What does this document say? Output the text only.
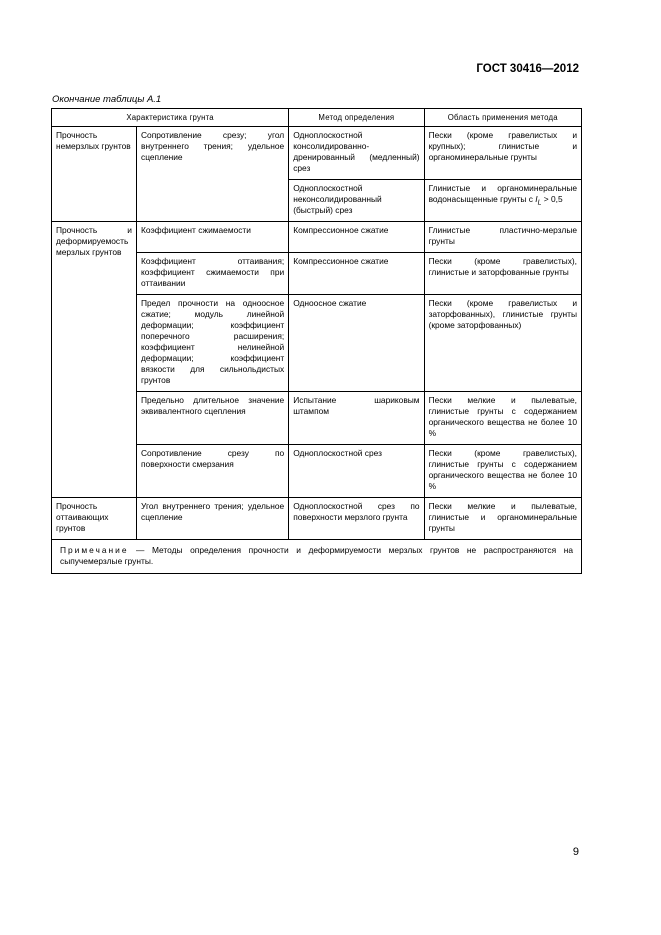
ГОСТ 30416—2012
Окончание таблицы А.1
Характеристика грунта		Метод определения	Область применения метода
Прочность немерзлых грунтов	Сопротивление срезу; угол внутреннего трения; удельное сцепление	Одноплоскостной консолидированно-дренированный (медленный) срез	Пески (кроме гравелистых и крупных); глинистые и органоминеральные грунты
		Одноплоскостной неконсолидированный (быстрый) срез	Глинистые и органоминеральные водонасыщенные грунты с $I_L > 0,5$
Прочность и деформируемость мерзлых грунтов	Коэффициент сжимаемости	Компрессионное сжатие	Глинистые пластично-мерзлые грунты
	Коэффициент оттаивания; коэффициент сжимаемости при оттаивании	Компрессионное сжатие	Пески (кроме гравелистых), глинистые и заторфованные грунты
	Предел прочности на одноосное сжатие; модуль линейной деформации; коэффициент поперечного расширения; коэффициент нелинейной деформации; коэффициент вязкости для сильнольдистых грунтов	Одноосное сжатие	Пески (кроме гравелистых и заторфованных), глинистые грунты (кроме заторфованных)
	Предельно длительное значение эквивалентного сцепления	Испытание шариковым штампом	Пески мелкие и пылеватые, глинистые грунты с содержанием органического вещества не более 10 %
	Сопротивление срезу по поверхности смерзания	Одноплоскостной срез	Пески (кроме гравелистых), глинистые грунты с содержанием органического вещества не более 10 %
Прочность оттаивающих грунтов	Угол внутреннего трения; удельное сцепление	Одноплоскостной срез по поверхности мерзлого грунта	Пески мелкие и пылеватые, глинистые и органоминеральные грунты
Примечание — Методы определения прочности и деформируемости мерзлых грунтов не распространяются на сыпучемерзлые грунты.			
9
